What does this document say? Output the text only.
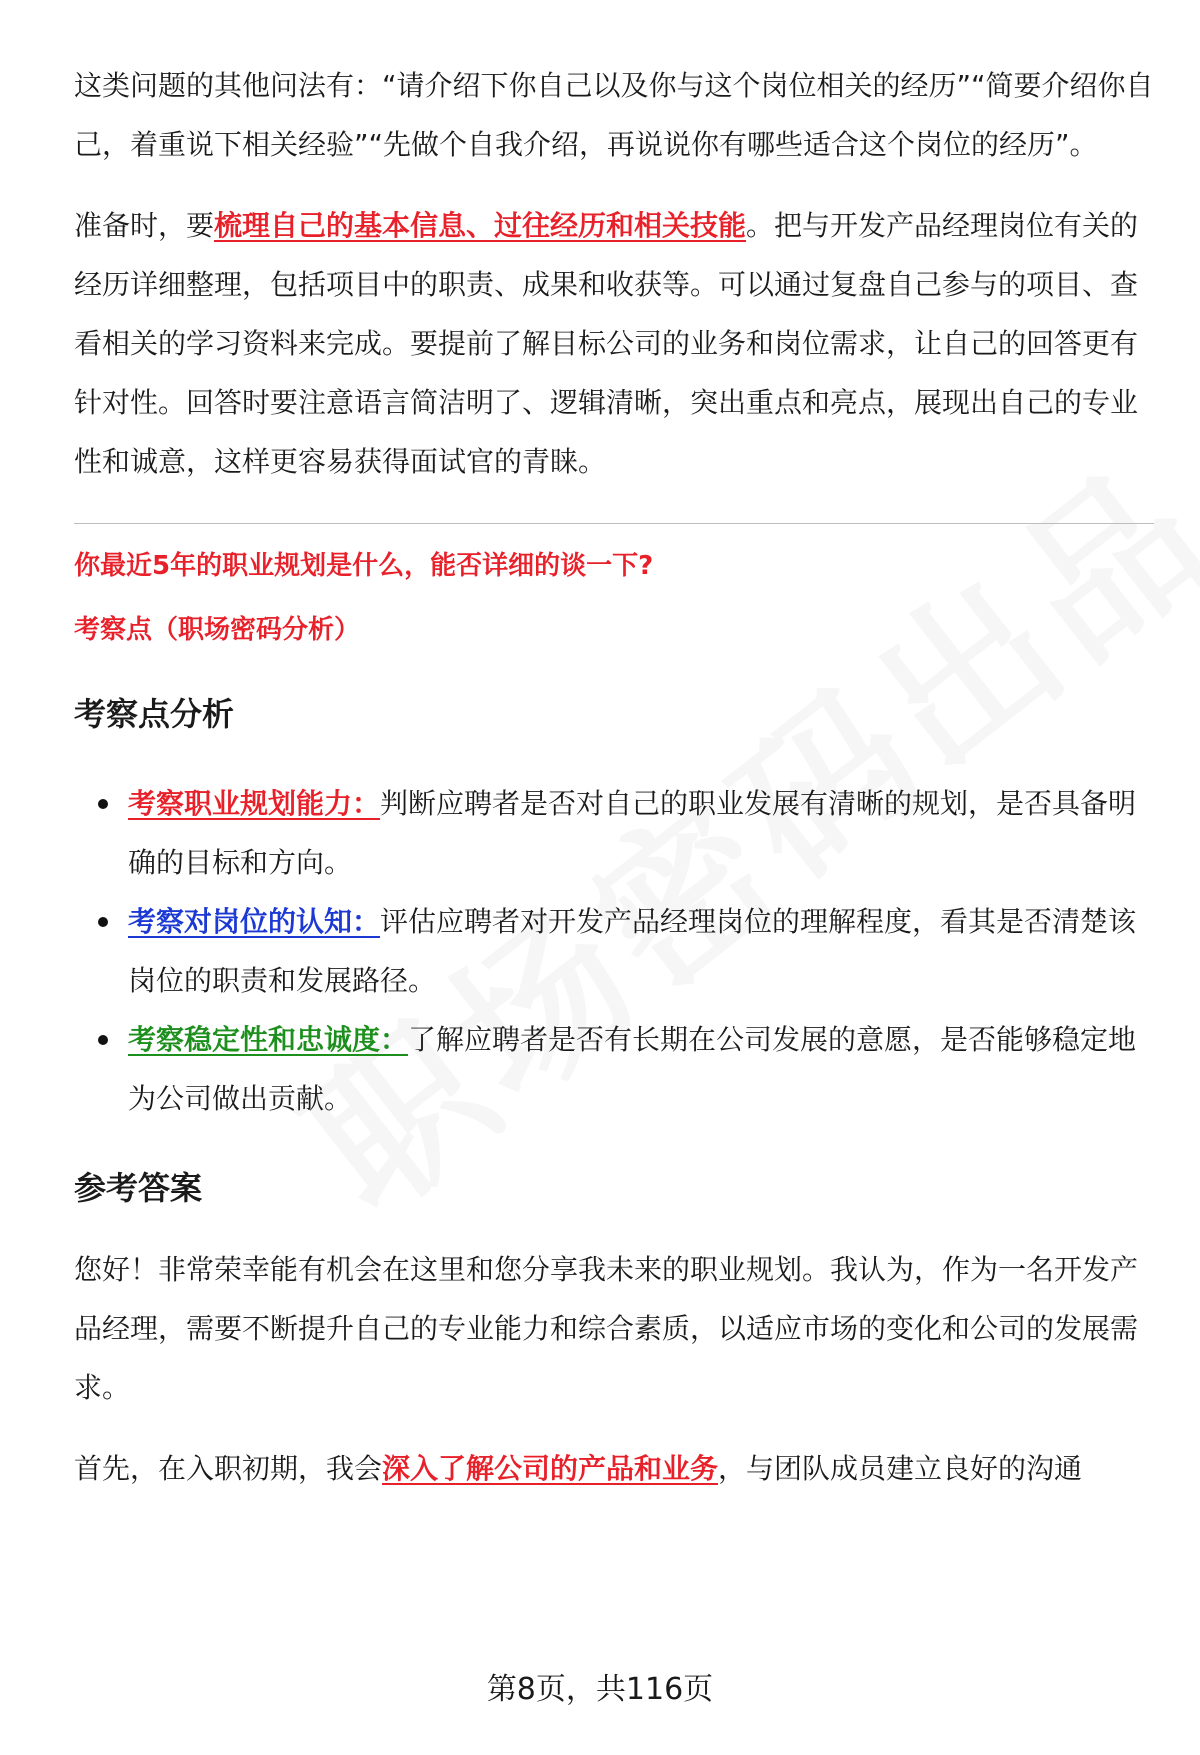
这类问题的其他问法有：“请介绍下你自己以及你与这个岗位相关的经历”“简要介绍你自己，着重说下相关经验”“先做个自我介绍，再说说你有哪些适合这个岗位的经历”。

准备时，要梳理自己的基本信息、过往经历和相关技能。把与开发产品经理岗位有关的经历详细整理，包括项目中的职责、成果和收获等。可以通过复盘自己参与的项目、查看相关的学习资料来完成。要提前了解目标公司的业务和岗位需求，让自己的回答更有针对性。回答时要注意语言简洁明了、逻辑清晰，突出重点和亮点，展现出自己的专业性和诚意，这样更容易获得面试官的青睐。

你最近5年的职业规划是什么，能否详细的谈一下?
考察点（职场密码分析）
考察点分析
考察职业规划能力：判断应聘者是否对自己的职业发展有清晰的规划，是否具备明确的目标和方向。
考察对岗位的认知：评估应聘者对开发产品经理岗位的理解程度，看其是否清楚该岗位的职责和发展路径。
考察稳定性和忠诚度：了解应聘者是否有长期在公司发展的意愿，是否能够稳定地为公司做出贡献。
参考答案

您好！非常荣幸能有机会在这里和您分享我未来的职业规划。我认为，作为一名开发产品经理，需要不断提升自己的专业能力和综合素质，以适应市场的变化和公司的发展需求。

首先，在入职初期，我会深入了解公司的产品和业务，与团队成员建立良好的沟通

第8页，共116页
